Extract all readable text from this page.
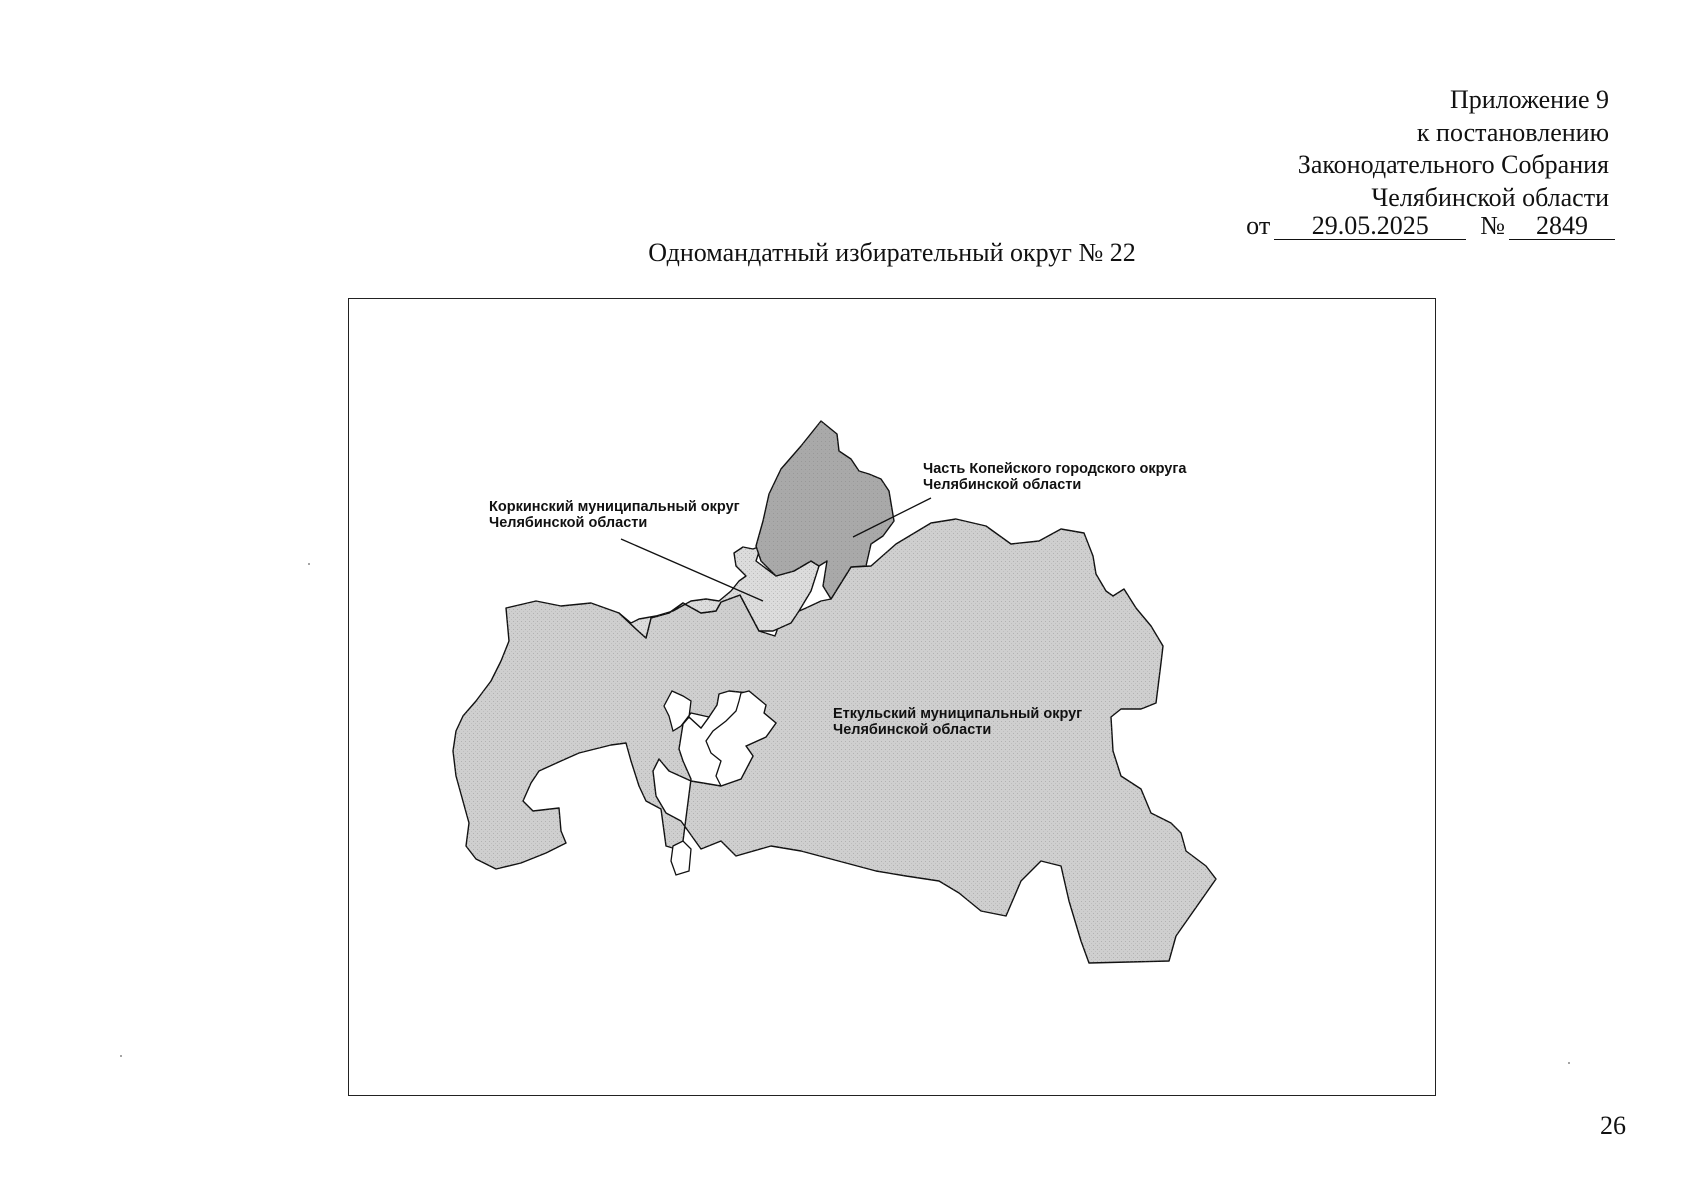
Приложение 9
к постановлению
Законодательного Собрания
Челябинской области
от 29.05.2025 № 2849
Одномандатный избирательный округ № 22
Еткульский муниципальный округ
Челябинской области
Коркинский муниципальный округ
Челябинской области
Часть Копейского городского округа
Челябинской области
26
